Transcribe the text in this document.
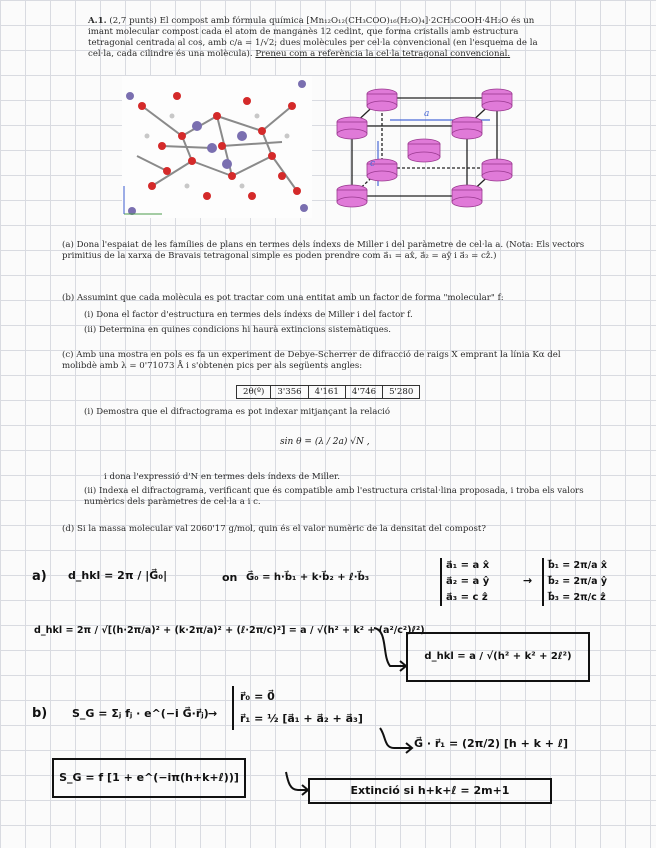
A.1. (2,7 punts) El compost amb fórmula química [Mn₁₂O₁₂(CH₃COO)₁₆(H₂O)₄]·2CH₃COOH·4H₂O és un imant molecular compost cada el atom de manganès 12 cedint, que forma cristalls amb estructura tetragonal centrada al cos, amb c/a = 1/√2; dues molècules per cel·la convencional (en l'esquema de la cel·la, cada cilindre és una molècula). Preneu com a referència la cel·la tetragonal convencional.
a
c
(a) Dona l'espaiat de les famílies de plans en termes dels índexs de Miller i del paràmetre de cel·la a. (Nota: Els vectors primitius de la xarxa de Bravais tetragonal simple es poden prendre com a⃗₁ = ax̂, a⃗₂ = aŷ i a⃗₃ = cẑ.)
(b) Assumint que cada molècula es pot tractar com una entitat amb un factor de forma "molecular" f:
(i) Dona el factor d'estructura en termes dels índexs de Miller i del factor f.
(ii) Determina en quines condicions hi haurà extincions sistemàtiques.
(c) Amb una mostra en pols es fa un experiment de Debye-Scherrer de difracció de raigs X emprant la línia Kα del molibdè amb λ = 0'71073 Å i s'obtenen pics per als següents angles:
2θ(º)	3'356	4'161	4'746	5'280
(i) Demostra que el difractograma es pot indexar mitjançant la relació
sin θ = (λ / 2a) √N ,
i dona l'expressió d'N en termes dels índexs de Miller.
(ii) Indexa el difractograma, verificant que és compatible amb l'estructura cristal·lina proposada, i troba els valors numèrics dels paràmetres de cel·la a i c.
(d) Si la massa molecular val 2060'17 g/mol, quin és el valor numèric de la densitat del compost?
a) d_hkl = 2π / |G⃗₀|	on G⃗₀ = h·b⃗₁ + k·b⃗₂ + ℓ·b⃗₃
a⃗₁ = a x̂
a⃗₂ = a ŷ
a⃗₃ = c ẑ
→
b⃗₁ = 2π/a x̂
b⃗₂ = 2π/a ŷ
b⃗₃ = 2π/c ẑ
d_hkl = 2π / √[(h·2π/a)² + (k·2π/a)² + (ℓ·2π/c)²] = a / √(h² + k² + (a²/c²)ℓ²)
d_hkl = a / √(h² + k² + 2ℓ²)
b) S_G = Σⱼ fⱼ · e^(−i G⃗·r⃗ⱼ) →
r⃗₀ = 0⃗
r⃗₁ = ½ [a⃗₁ + a⃗₂ + a⃗₃]
G⃗ · r⃗₁ = (2π/2) [h + k + ℓ]
S_G = f [1 + e^(−iπ(h+k+ℓ))]
Extinció si h+k+ℓ = 2m+1
